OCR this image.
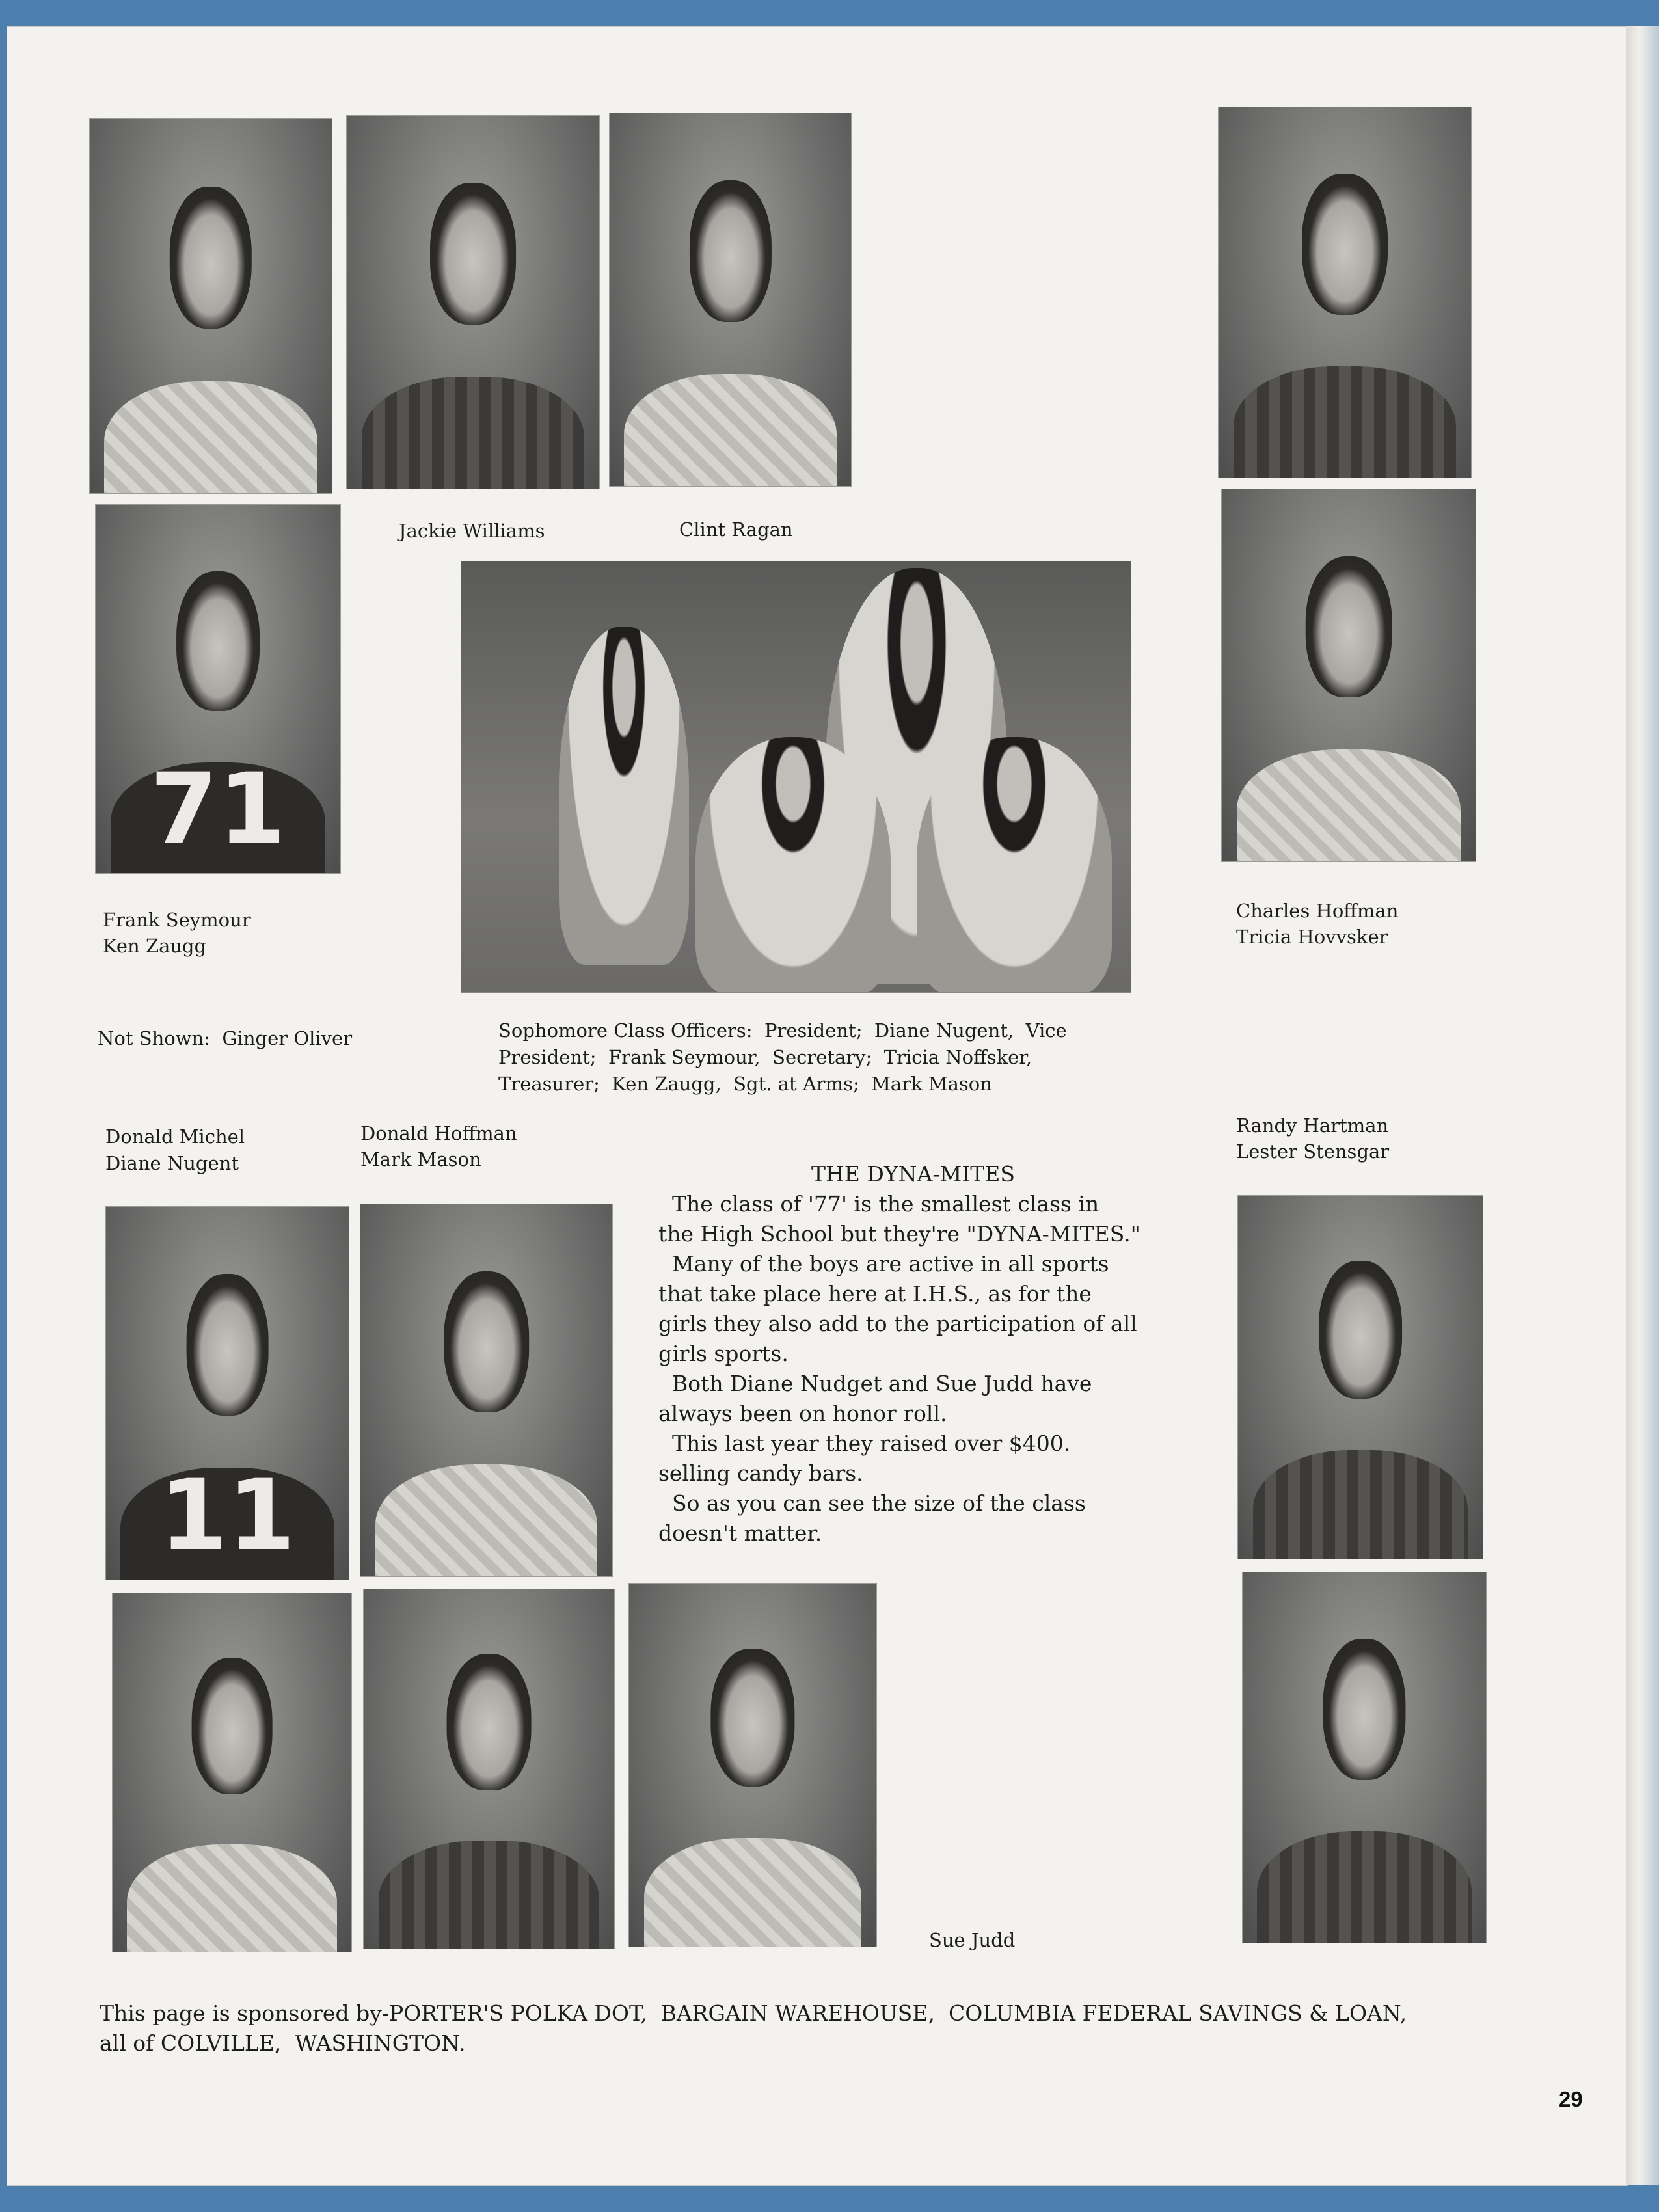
Jackie Williams	Clint Ragan
71
Frank Seymour
Ken Zaugg
Charles Hoffman
Tricia Hovvsker
Not Shown:  Ginger Oliver	Sophomore Class Officers:  President;  Diane Nugent,  Vice
President;  Frank Seymour,  Secretary;  Tricia Noffsker,
Treasurer;  Ken Zaugg,  Sgt. at Arms;  Mark Mason
Donald Michel
Diane Nugent
Donald Hoffman
Mark Mason
Randy Hartman
Lester Stensgar
THE DYNA-MITES
The class of '77' is the smallest class in
the High School but they're "DYNA-MITES."
Many of the boys are active in all sports
that take place here at I.H.S., as for the
girls they also add to the participation of all
girls sports.
Both Diane Nudget and Sue Judd have
always been on honor roll.
This last year they raised over $400.
selling candy bars.
So as you can see the size of the class
doesn't matter.
11
Sue Judd
This page is sponsored by-PORTER'S POLKA DOT,  BARGAIN WAREHOUSE,  COLUMBIA FEDERAL SAVINGS & LOAN,
all of COLVILLE,  WASHINGTON.
29
